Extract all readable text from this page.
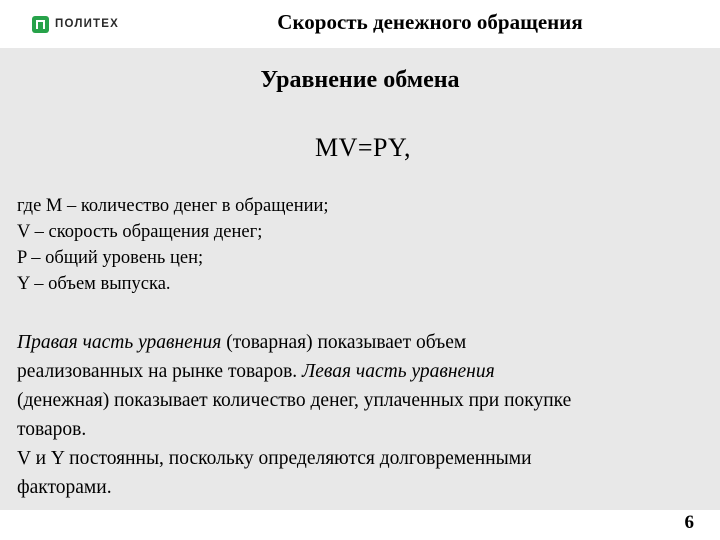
ПОЛИТЕХ	Скорость денежного обращения
Уравнение обмена
MV=PY,
где M – количество денег в обращении;
V – скорость обращения денег;
P – общий уровень цен;
Y – объем выпуска.
Правая часть уравнения (товарная) показывает объем
реализованных на рынке товаров. Левая часть уравнения
(денежная) показывает количество денег, уплаченных при покупке
товаров.
V и Y постоянны, поскольку определяются долговременными
факторами.
6
